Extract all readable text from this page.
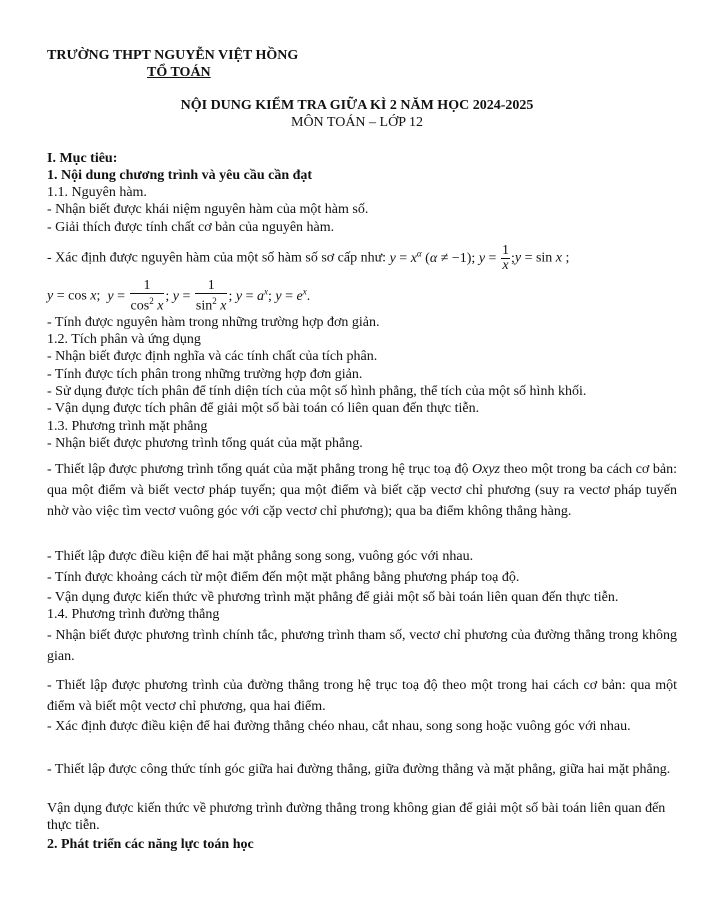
TRƯỜNG THPT NGUYỄN VIỆT HỒNG
TỔ TOÁN
NỘI DUNG KIỂM TRA GIỮA KÌ 2 NĂM HỌC 2024-2025
MÔN TOÁN – LỚP 12
I. Mục tiêu:
1. Nội dung chương trình và yêu cầu cần đạt
1.1. Nguyên hàm.
- Nhận biết được khái niệm nguyên hàm của một hàm số.
- Giải thích được tính chất cơ bản của nguyên hàm.
- Xác định được nguyên hàm của một số hàm số sơ cấp như: $y = x^\alpha$ (α ≠ −1); $y = \frac{1}{x}$ ;y = sin x ;
y = cos x; $y = \frac{1}{\cos^2 x}$ ; $y = \frac{1}{\sin^2 x}$ ; $y = a^x$; $y = e^x$.
- Tính được nguyên hàm trong những trường hợp đơn giản.
1.2. Tích phân và ứng dụng
- Nhận biết được định nghĩa và các tính chất của tích phân.
- Tính được tích phân trong những trường hợp đơn giản.
- Sử dụng được tích phân để tính diện tích của một số hình phẳng, thể tích của một số hình khối.
- Vận dụng được tích phân để giải một số bài toán có liên quan đến thực tiễn.
1.3. Phương trình mặt phẳng
- Nhận biết được phương trình tổng quát của mặt phẳng.
- Thiết lập được phương trình tổng quát của mặt phẳng trong hệ trục toạ độ Oxyz theo một trong ba cách cơ bản: qua một điểm và biết vectơ pháp tuyến; qua một điểm và biết cặp vectơ chỉ phương (suy ra vectơ pháp tuyến nhờ vào việc tìm vectơ vuông góc với cặp vectơ chỉ phương); qua ba điểm không thẳng hàng.
- Thiết lập được điều kiện để hai mặt phẳng song song, vuông góc với nhau.
- Tính được khoảng cách từ một điểm đến một mặt phẳng bằng phương pháp toạ độ.
- Vận dụng được kiến thức về phương trình mặt phẳng để giải một số bài toán liên quan đến thực tiễn.
1.4. Phương trình đường thẳng
- Nhận biết được phương trình chính tắc, phương trình tham số, vectơ chỉ phương của đường thẳng trong không gian.
- Thiết lập được phương trình của đường thẳng trong hệ trục toạ độ theo một trong hai cách cơ bản: qua một điểm và biết một vectơ chỉ phương, qua hai điểm.
- Xác định được điều kiện để hai đường thẳng chéo nhau, cắt nhau, song song hoặc vuông góc với nhau.
- Thiết lập được công thức tính góc giữa hai đường thẳng, giữa đường thẳng và mặt phẳng, giữa hai mặt phẳng.
Vận dụng được kiến thức về phương trình đường thẳng trong không gian để giải một số bài toán liên quan đến thực tiễn.
2. Phát triển các năng lực toán học
